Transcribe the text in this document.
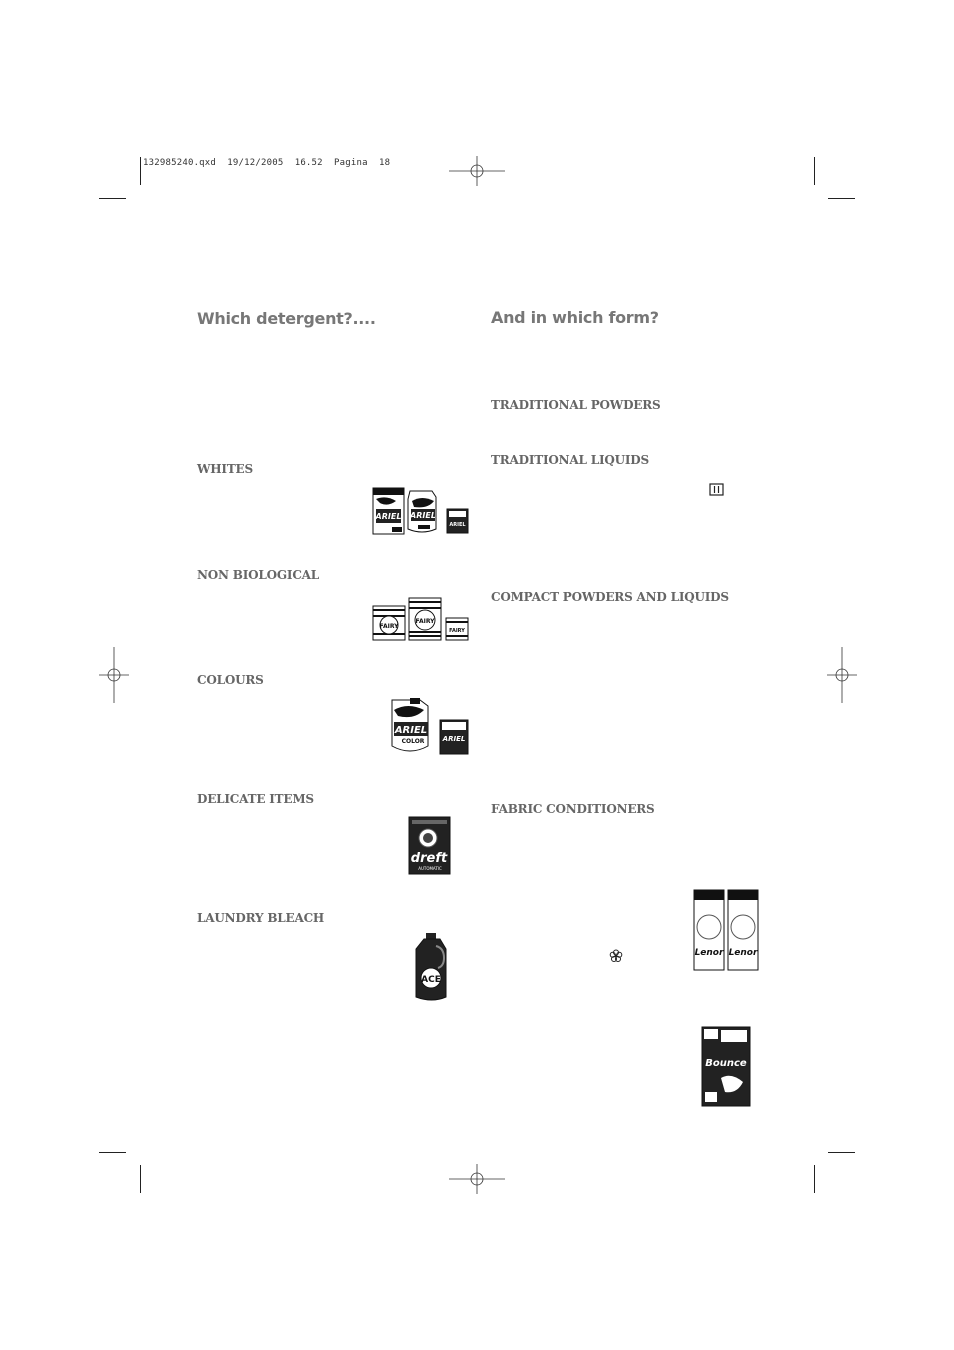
132985240.qxd  19/12/2005  16.52  Pagina  18
Which detergent?....
WHITES
NON BIOLOGICAL
COLOURS
DELICATE ITEMS
LAUNDRY BLEACH
And in which form?
TRADITIONAL POWDERS
TRADITIONAL LIQUIDS
COMPACT POWDERS AND LIQUIDS
FABRIC CONDITIONERS
ARIEL ARIEL
ARIEL
FAIRY
FAIRY
FAIRY
ARIEL
COLOR	ARIEL
dreft
AUTOMATIC
ACE
Lenor Lenor
Bounce
